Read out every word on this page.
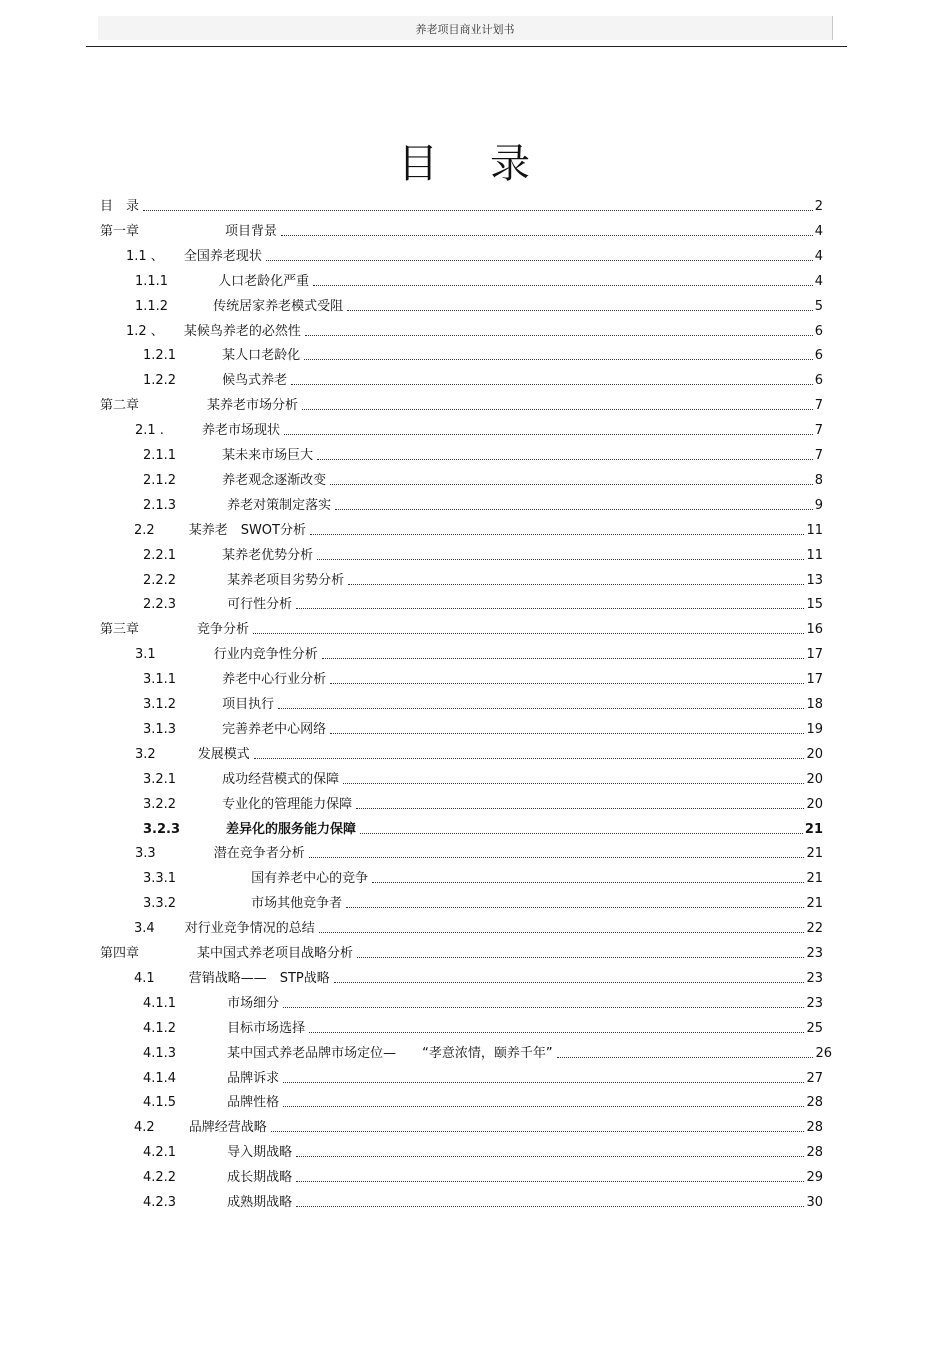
养老项目商业计划书
目录
目　录	2
第一章	项目背景	4
1.1 、 全国养老现状	4
1.1.1	人口老龄化严重	4
1.1.2	传统居家养老模式受阻	5
1.2 、 某候鸟养老的必然性	6
1.2.1	某人口老龄化	6
1.2.2	候鸟式养老	6
第二章	某养老市场分析	7
2.1 .	养老市场现状	7
2.1.1	某未来市场巨大	7
2.1.2	养老观念逐渐改变	8
2.1.3	养老对策制定落实	9
2.2	某养老　SWOT分析	11
2.2.1	某养老优势分析	11
2.2.2	某养老项目劣势分析	13
2.2.3	可行性分析	15
第三章	竞争分析	16
3.1	行业内竞争性分析	17
3.1.1	养老中心行业分析	17
3.1.2	项目执行	18
3.1.3	完善养老中心网络	19
3.2	发展模式	20
3.2.1	成功经营模式的保障	20
3.2.2	专业化的管理能力保障	20
3.2.3	差异化的服务能力保障	21
3.3	潜在竞争者分析	21
3.3.1	国有养老中心的竞争	21
3.3.2	市场其他竞争者	21
3.4 对行业竞争情况的总结	22
第四章	某中国式养老项目战略分析	23
4.1	营销战略——　STP战略	23
4.1.1	市场细分	23
4.1.2	目标市场选择	25
4.1.3	某中国式养老品牌市场定位—　　“孝意浓情，颐养千年”	26
4.1.4	品牌诉求	27
4.1.5	品牌性格	28
4.2	品牌经营战略	28
4.2.1	导入期战略	28
4.2.2	成长期战略	29
4.2.3	成熟期战略	30
